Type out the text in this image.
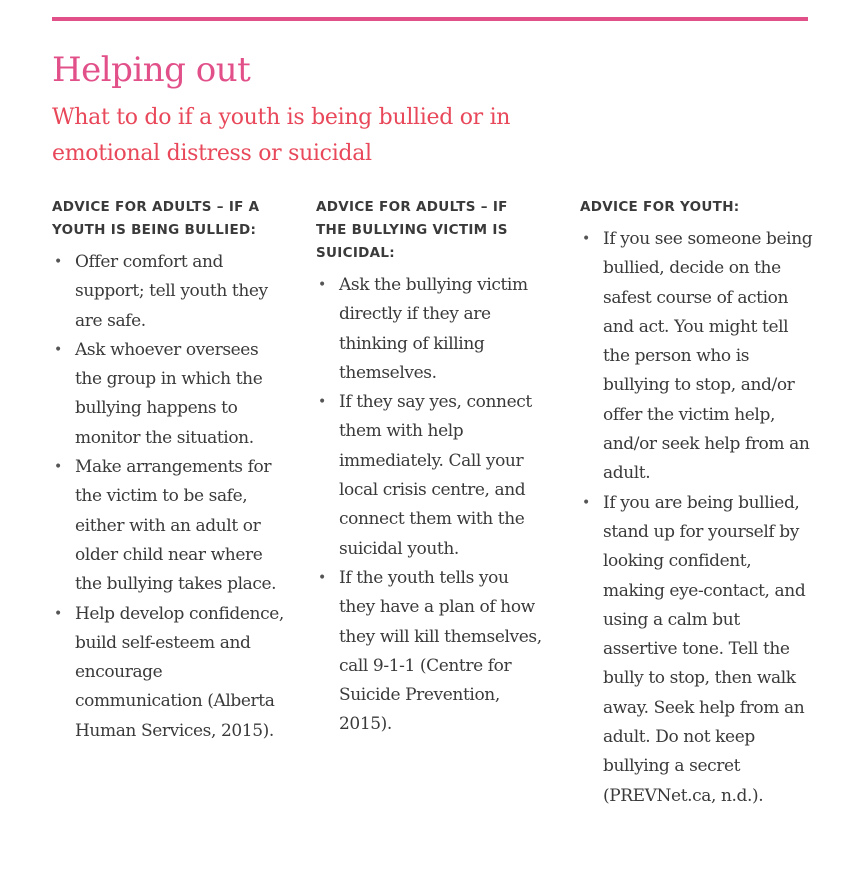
Helping out
What to do if a youth is being bullied or in emotional distress or suicidal
ADVICE FOR ADULTS – IF A YOUTH IS BEING BULLIED:
• Offer comfort and support; tell youth they are safe.
• Ask whoever oversees the group in which the bullying happens to monitor the situation.
• Make arrangements for the victim to be safe, either with an adult or older child near where the bullying takes place.
• Help develop confidence, build self-esteem and encourage communication (Alberta Human Services, 2015).
ADVICE FOR ADULTS – IF THE BULLYING VICTIM IS SUICIDAL:
• Ask the bullying victim directly if they are thinking of killing themselves.
• If they say yes, connect them with help immediately. Call your local crisis centre, and connect them with the suicidal youth.
• If the youth tells you they have a plan of how they will kill themselves, call 9-1-1 (Centre for Suicide Prevention, 2015).
ADVICE FOR YOUTH:
• If you see someone being bullied, decide on the safest course of action and act. You might tell the person who is bullying to stop, and/or offer the victim help, and/or seek help from an adult.
• If you are being bullied, stand up for yourself by looking confident, making eye-contact, and using a calm but assertive tone. Tell the bully to stop, then walk away. Seek help from an adult. Do not keep bullying a secret (PREVNet.ca, n.d.).
